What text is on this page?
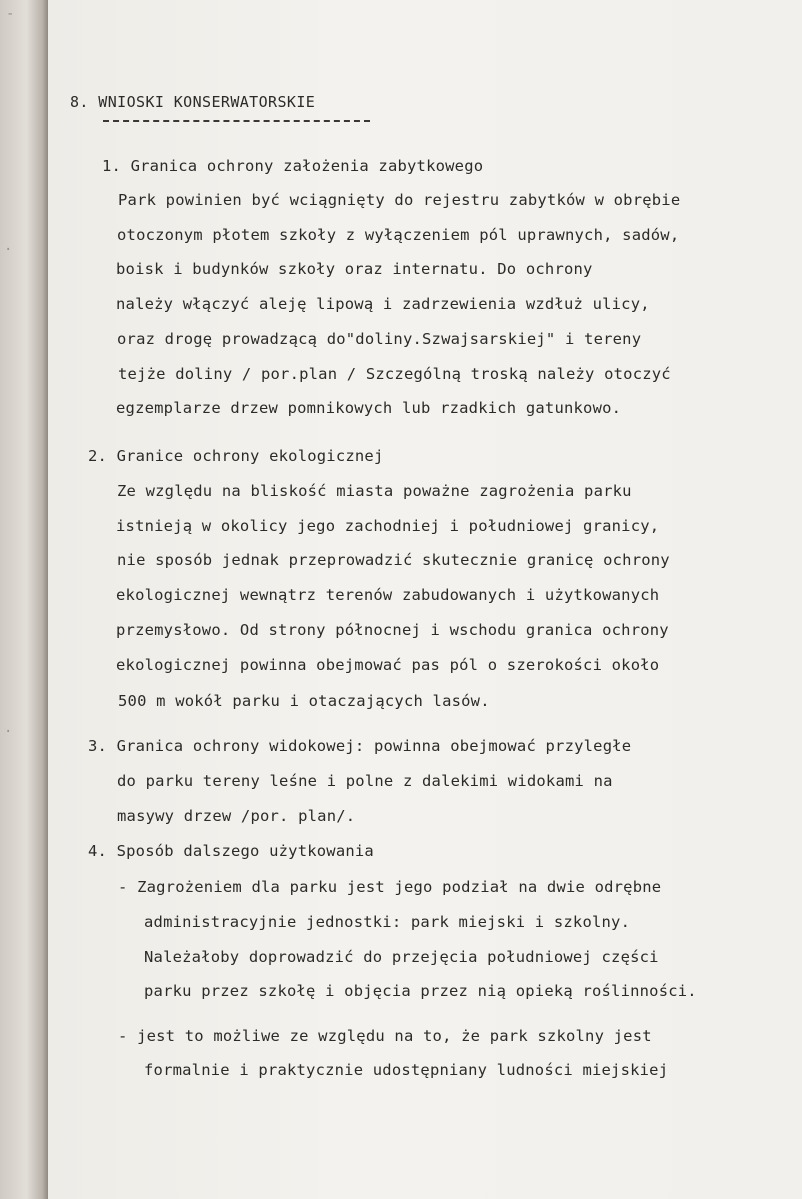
-
.
.
8. WNIOSKI KONSERWATORSKIE
1. Granica ochrony założenia zabytkowego
Park powinien być wciągnięty do rejestru zabytków w obrębie
otoczonym płotem szkoły z wyłączeniem pól uprawnych, sadów,
boisk i budynków szkoły oraz internatu. Do ochrony
należy włączyć aleję lipową i zadrzewienia wzdłuż ulicy,
oraz drogę prowadzącą do"doliny.Szwajsarskiej" i tereny
tejże doliny / por.plan / Szczególną troską należy otoczyć
egzemplarze drzew pomnikowych lub rzadkich gatunkowo.
2. Granice ochrony ekologicznej
Ze względu na bliskość miasta poważne zagrożenia parku
istnieją w okolicy jego zachodniej i południowej granicy,
nie sposób jednak przeprowadzić skutecznie granicę ochrony
ekologicznej wewnątrz terenów zabudowanych i użytkowanych
przemysłowo. Od strony północnej i wschodu granica ochrony
ekologicznej powinna obejmować pas pól o szerokości około
500 m wokół parku i otaczających lasów.
3. Granica ochrony widokowej: powinna obejmować przyległe
do parku tereny leśne i polne z dalekimi widokami na
masywy drzew /por. plan/.
4. Sposób dalszego użytkowania
- Zagrożeniem dla parku jest jego podział na dwie odrębne
administracyjnie jednostki: park miejski i szkolny.
Należałoby doprowadzić do przejęcia południowej części
parku przez szkołę i objęcia przez nią opieką roślinności.
- jest to możliwe ze względu na to, że park szkolny jest
formalnie i praktycznie udostępniany ludności miejskiej
